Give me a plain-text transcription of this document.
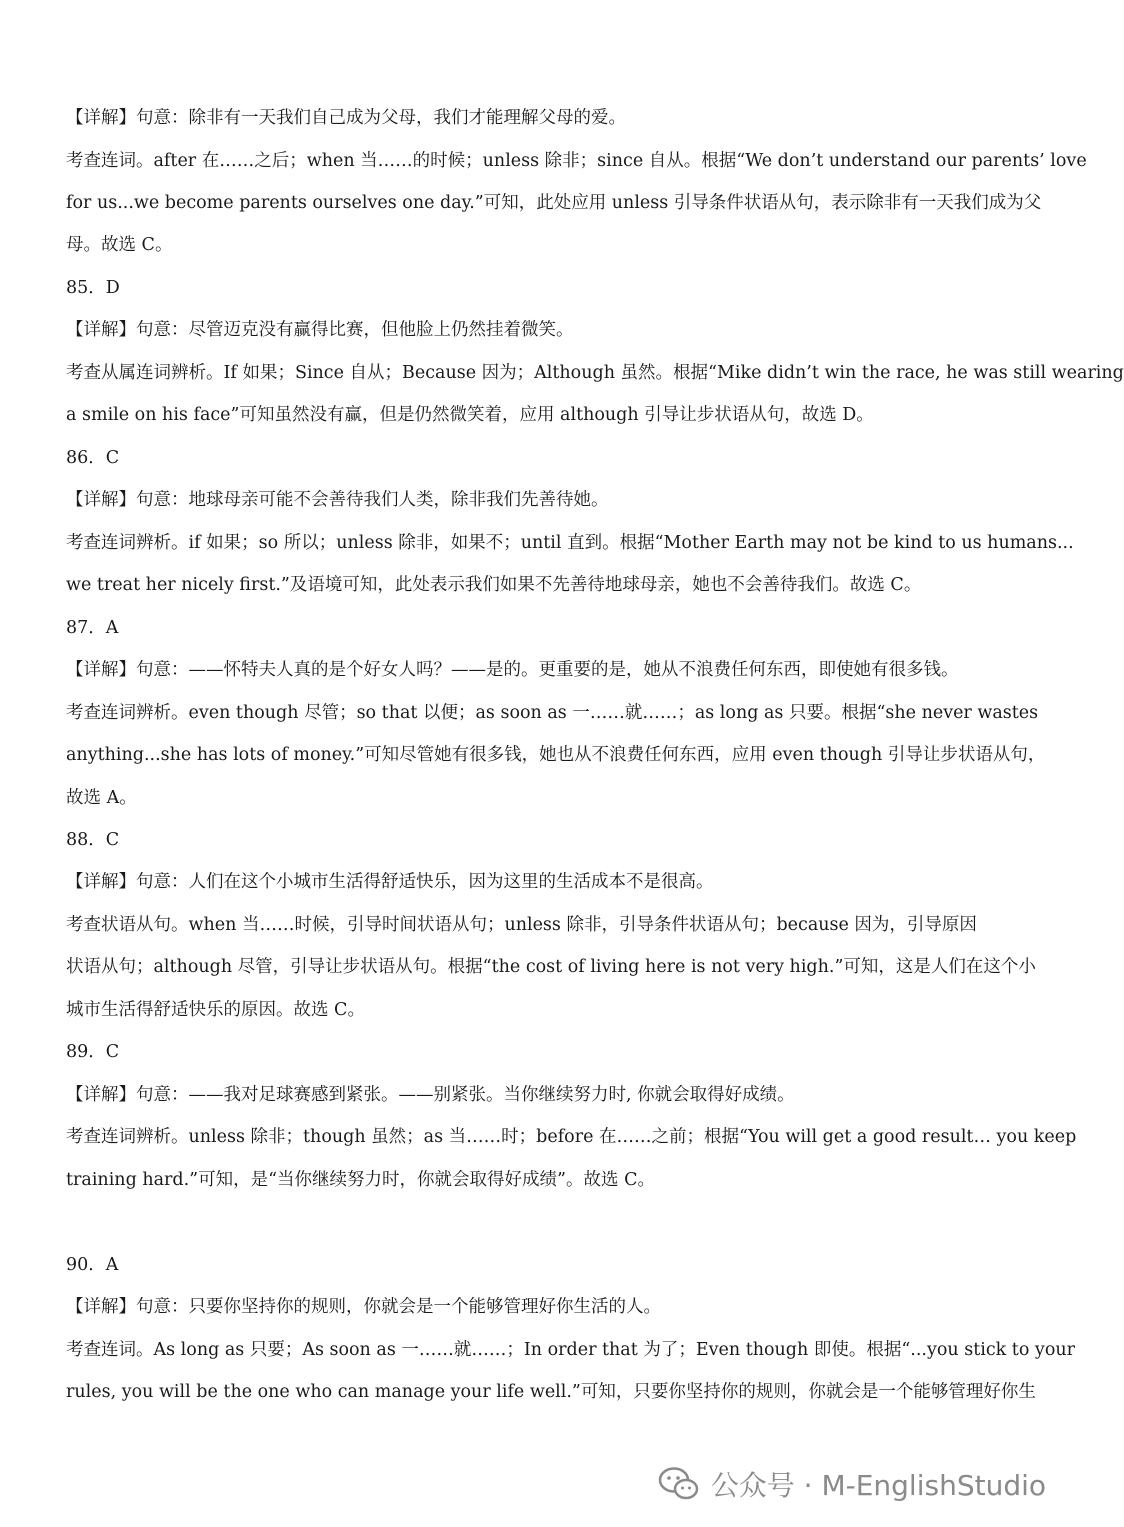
【详解】句意：除非有一天我们自己成为父母，我们才能理解父母的爱。
考查连词。after 在……之后；when 当……的时候；unless 除非；since 自从。根据“We don’t understand our parents’ love
for us...we become parents ourselves one day.”可知，此处应用 unless 引导条件状语从句，表示除非有一天我们成为父
母。故选 C。
85．D
【详解】句意：尽管迈克没有赢得比赛，但他脸上仍然挂着微笑。
考查从属连词辨析。If 如果；Since 自从；Because 因为；Although 虽然。根据“Mike didn’t win the race, he was still wearing
a smile on his face”可知虽然没有赢，但是仍然微笑着，应用 although 引导让步状语从句，故选 D。
86．C
【详解】句意：地球母亲可能不会善待我们人类，除非我们先善待她。
考查连词辨析。if 如果；so 所以；unless 除非，如果不；until 直到。根据“Mother Earth may not be kind to us humans...
we treat her nicely first.”及语境可知，此处表示我们如果不先善待地球母亲，她也不会善待我们。故选 C。
87．A
【详解】句意：——怀特夫人真的是个好女人吗？——是的。更重要的是，她从不浪费任何东西，即使她有很多钱。
考查连词辨析。even though 尽管；so that 以便；as soon as 一……就……；as long as 只要。根据“she never wastes
anything...she has lots of money.”可知尽管她有很多钱，她也从不浪费任何东西，应用 even though 引导让步状语从句，
故选 A。
88．C
【详解】句意：人们在这个小城市生活得舒适快乐，因为这里的生活成本不是很高。
考查状语从句。when 当……时候，引导时间状语从句；unless 除非，引导条件状语从句；because 因为，引导原因
状语从句；although 尽管，引导让步状语从句。根据“the cost of living here is not very high.”可知，这是人们在这个小
城市生活得舒适快乐的原因。故选 C。
89．C
【详解】句意：——我对足球赛感到紧张。——别紧张。当你继续努力时, 你就会取得好成绩。
考查连词辨析。unless 除非；though 虽然；as 当……时；before 在……之前；根据“You will get a good result… you keep
training hard.”可知，是“当你继续努力时，你就会取得好成绩”。故选 C。
90．A
【详解】句意：只要你坚持你的规则，你就会是一个能够管理好你生活的人。
考查连词。As long as 只要；As soon as 一……就……；In order that 为了；Even though 即使。根据“...you stick to your
rules, you will be the one who can manage your life well.”可知，只要你坚持你的规则，你就会是一个能够管理好你生
公众号 · M-EnglishStudio
